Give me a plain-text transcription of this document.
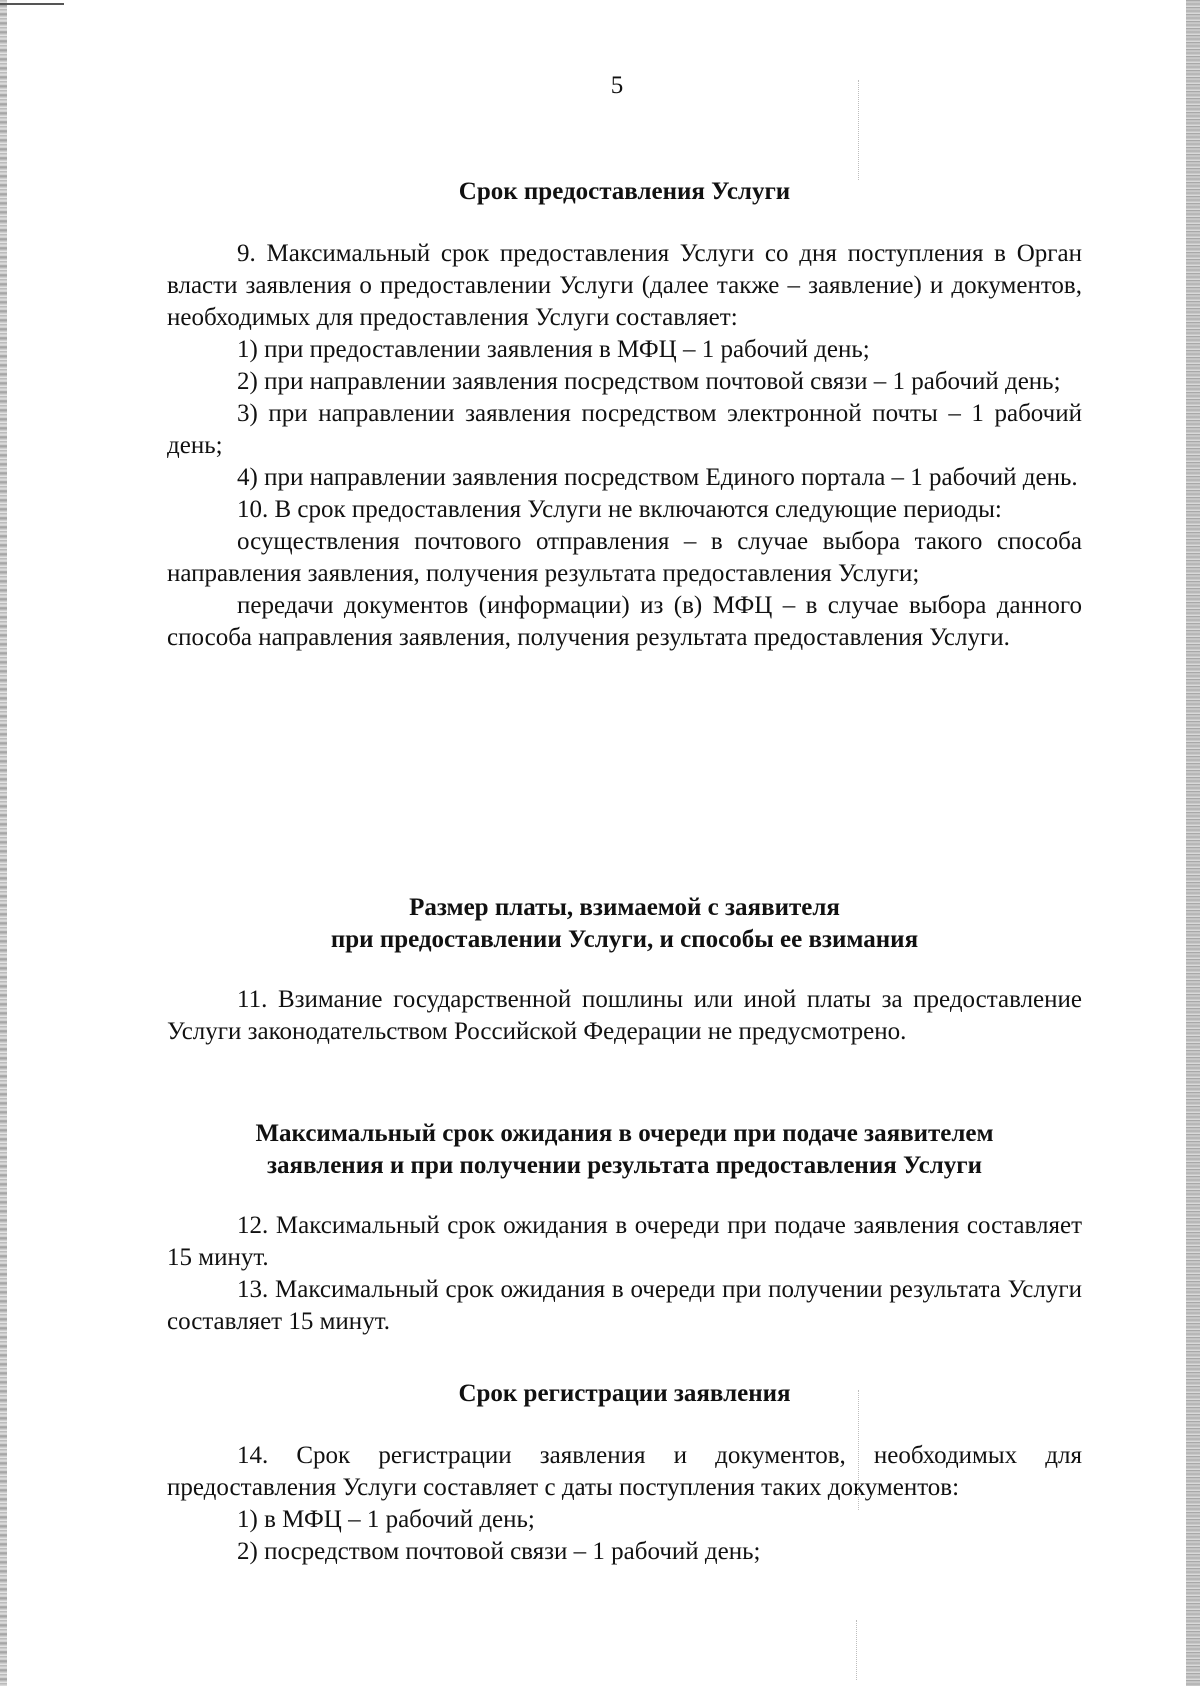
5
Срок предоставления Услуги

9. Максимальный срок предоставления Услуги со дня поступления в Орган власти заявления о предоставлении Услуги (далее также – заявление) и документов, необходимых для предоставления Услуги составляет:

1) при предоставлении заявления в МФЦ – 1 рабочий день;

2) при направлении заявления посредством почтовой связи – 1 рабочий день;

3) при направлении заявления посредством электронной почты – 1 рабочий день;

4) при направлении заявления посредством Единого портала – 1 рабочий день.

10. В срок предоставления Услуги не включаются следующие периоды:

осуществления почтового отправления – в случае выбора такого способа направления заявления, получения результата предоставления Услуги;

передачи документов (информации) из (в) МФЦ – в случае выбора данного способа направления заявления, получения результата предоставления Услуги.

Размер платы, взимаемой с заявителя
при предоставлении Услуги, и способы ее взимания

11. Взимание государственной пошлины или иной платы за предоставление Услуги законодательством Российской Федерации не предусмотрено.

Максимальный срок ожидания в очереди при подаче заявителем
заявления и при получении результата предоставления Услуги

12. Максимальный срок ожидания в очереди при подаче заявления составляет 15 минут.

13. Максимальный срок ожидания в очереди при получении результата Услуги составляет 15 минут.

Срок регистрации заявления

14. Срок регистрации заявления и документов, необходимых для предоставления Услуги составляет с даты поступления таких документов:

1) в МФЦ – 1 рабочий день;

2) посредством почтовой связи – 1 рабочий день;
